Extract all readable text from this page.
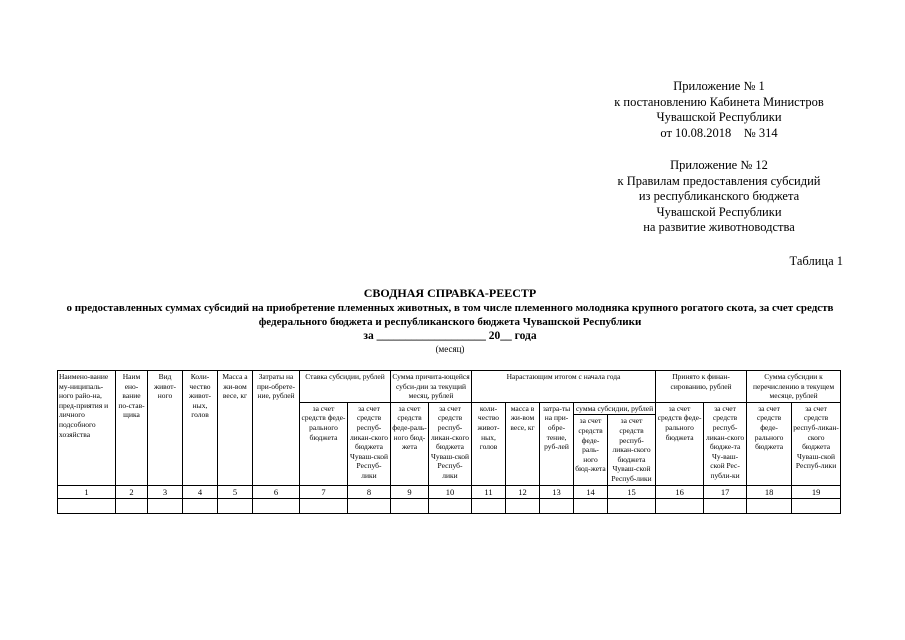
Приложение № 1
к постановлению Кабинета Министров
Чувашской Республики
от 10.08.2018    № 314
Приложение № 12
к Правилам предоставления субсидий
из республиканского бюджета
Чувашской Республики
на развитие животноводства
Таблица 1
СВОДНАЯ СПРАВКА-РЕЕСТР
о предоставленных суммах субсидий на приобретение племенных животных, в том числе племенного молодняка крупного рогатого скота, за счет средств федерального бюджета и республиканского бюджета Чувашской Республики
за ___________________ 20__ года
(месяц)
Наимено-вание му-ниципаль-ного райо-на, пред-приятия и личного подсобного хозяйства	Наим ено-вание по-став-щика	Вид живот-ного	Коли-чество живот-ных, голов	Масса а жи-вом весе, кг	Затраты на при-обрете-ние, рублей	Ставка субсидии, рублей		Сумма причита-ющейся субси-дии за текущий месяц, рублей		Нарастающим итогом с начала года					Принято к финан-сированию, рублей		Сумма субсидии к перечислению в текущем месяце, рублей	
						за счет средств феде-рального бюджета	за счет средств респуб-ликан-ского бюджета Чуваш-ской Респуб-лики	за счет средств феде-раль-ного бюд-жета	за счет средств респуб-ликан-ского бюджета Чуваш-ской Респуб-лики	коли-чество живот-ных, голов	масса в жи-вом весе, кг	затра-ты на при-обре-тение, руб-лей	сумма субсидии, рублей		за счет средств феде-рального бюджета	за счет средств респуб-ликан-ского бюдже-та Чу-ваш-ской Рес-публи-ки	за счет средств феде-рального бюджета	за счет средств респуб-ликан-ского бюджета Чуваш-ской Респуб-лики
													за счет средств феде-раль-ного бюд-жета	за счет средств респуб-ликан-ского бюджета Чуваш-ской Респуб-лики				
1	2	3	4	5	6	7	8	9	10	11	12	13	14	15	16	17	18	19
